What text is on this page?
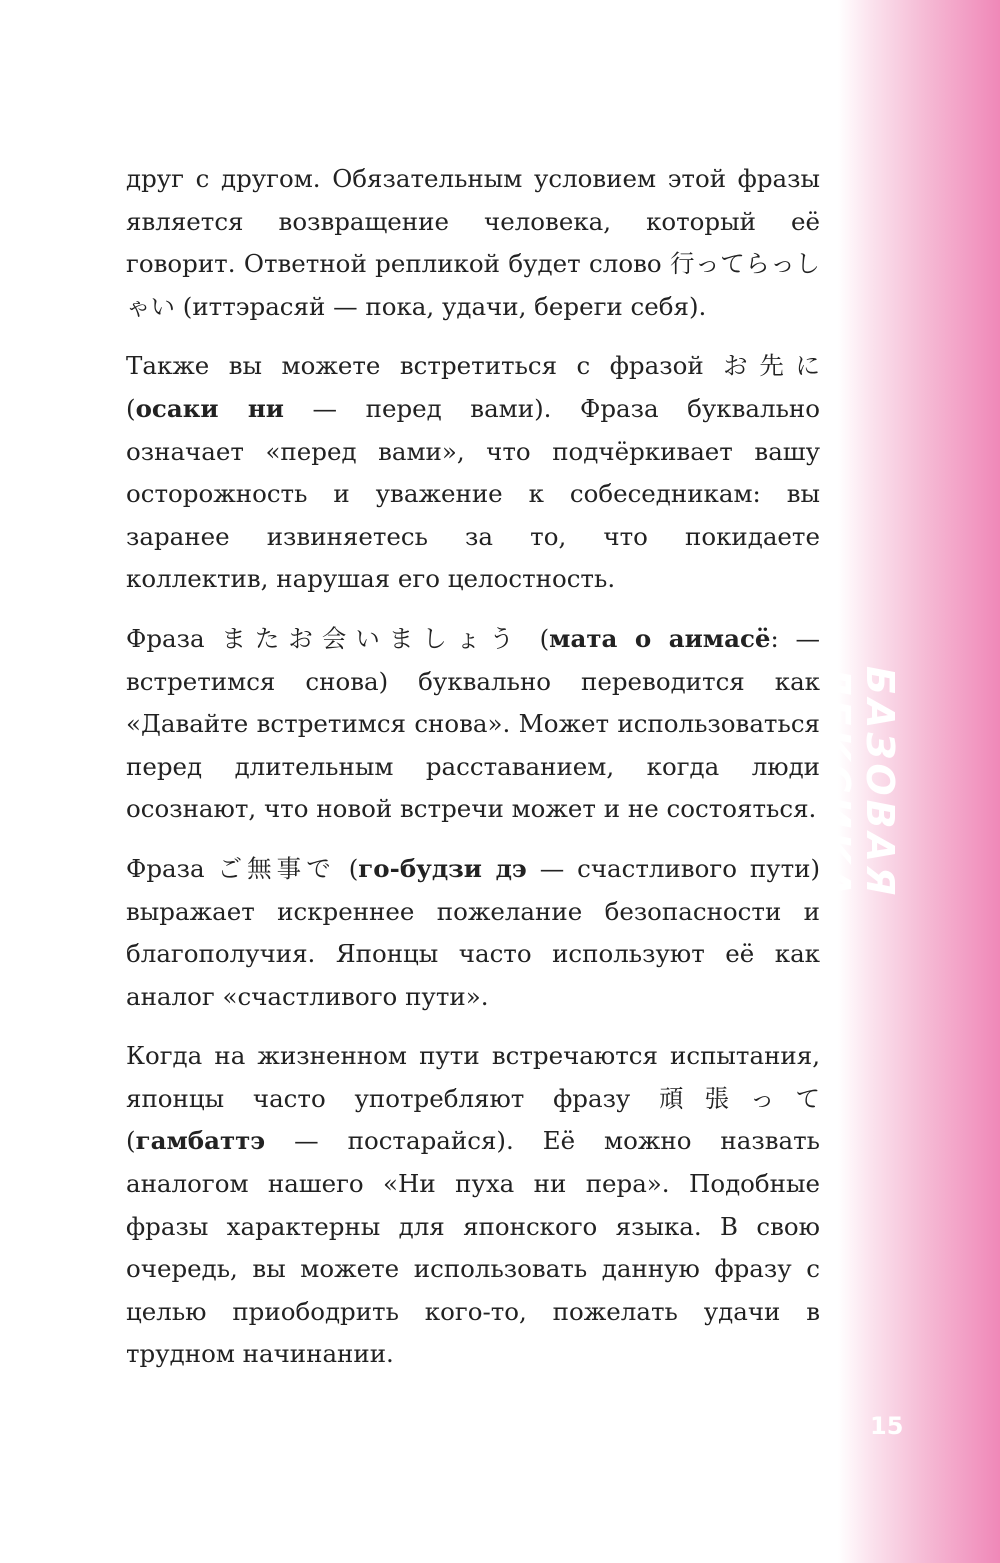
БАЗОВАЯ ЛЕКСИКА
15

друг с другом. Обязательным условием этой фразы является возвращение человека, который её говорит. Ответной репликой будет слово 行ってらっしゃい (иттэрасяй — пока, удачи, береги себя).

Также вы можете встретиться с фразой お先に (осаки ни — перед вами). Фраза буквально означает «перед вами», что подчёркивает вашу осторожность и уважение к собеседникам: вы заранее извиняетесь за то, что покидаете коллектив, нарушая его целостность.

Фраза またお会いましょう (мата о аимасё: — встретимся снова) буквально переводится как «Давайте встретимся снова». Может использоваться перед длительным расставанием, когда люди осознают, что новой встречи может и не состояться.

Фраза ご無事で (го-будзи дэ — счастливого пути) выражает искреннее пожелание безопасности и благополучия. Японцы часто используют её как аналог «счастливого пути».

Когда на жизненном пути встречаются испытания, японцы часто употребляют фразу 頑張って (гамбаттэ — постарайся). Её можно назвать аналогом нашего «Ни пуха ни пера». Подобные фразы характерны для японского языка. В свою очередь, вы можете использовать данную фразу с целью приободрить кого-то, пожелать удачи в трудном начинании.
